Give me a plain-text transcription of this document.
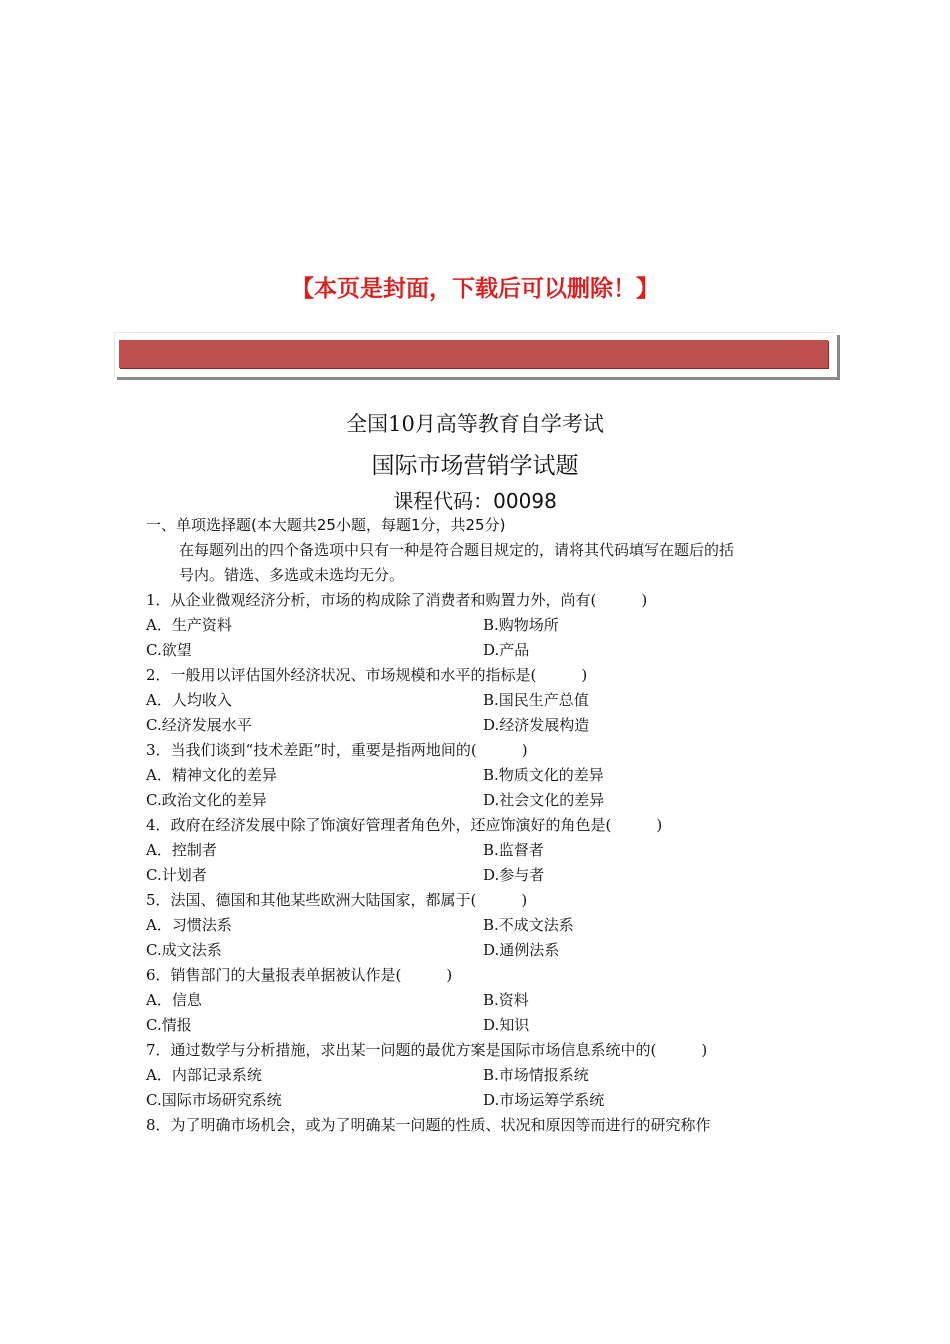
【本页是封面，下载后可以删除！】
全国10月高等教育自学考试
国际市场营销学试题
课程代码：00098
一、单项选择题(本大题共25小题，每题1分，共25分)
在每题列出的四个备选项中只有一种是符合题目规定的，请将其代码填写在题后的括
号内。错选、多选或未选均无分。
1．从企业微观经济分析，市场的构成除了消费者和购置力外，尚有(　　　)
A．生产资料	B.购物场所
C.欲望	D.产品
2．一般用以评估国外经济状况、市场规模和水平的指标是(　　　)
A．人均收入	B.国民生产总值
C.经济发展水平	D.经济发展构造
3．当我们谈到“技术差距”时，重要是指两地间的(　　　)
A．精神文化的差异	B.物质文化的差异
C.政治文化的差异	D.社会文化的差异
4．政府在经济发展中除了饰演好管理者角色外，还应饰演好的角色是(　　　)
A．控制者	B.监督者
C.计划者	D.参与者
5．法国、德国和其他某些欧洲大陆国家，都属于(　　　)
A．习惯法系	B.不成文法系
C.成文法系	D.通例法系
6．销售部门的大量报表单据被认作是(　　　)
A．信息	B.资料
C.情报	D.知识
7．通过数学与分析措施，求出某一问题的最优方案是国际市场信息系统中的(　　　)
A．内部记录系统	B.市场情报系统
C.国际市场研究系统	D.市场运筹学系统
8．为了明确市场机会，或为了明确某一问题的性质、状况和原因等而进行的研究称作
